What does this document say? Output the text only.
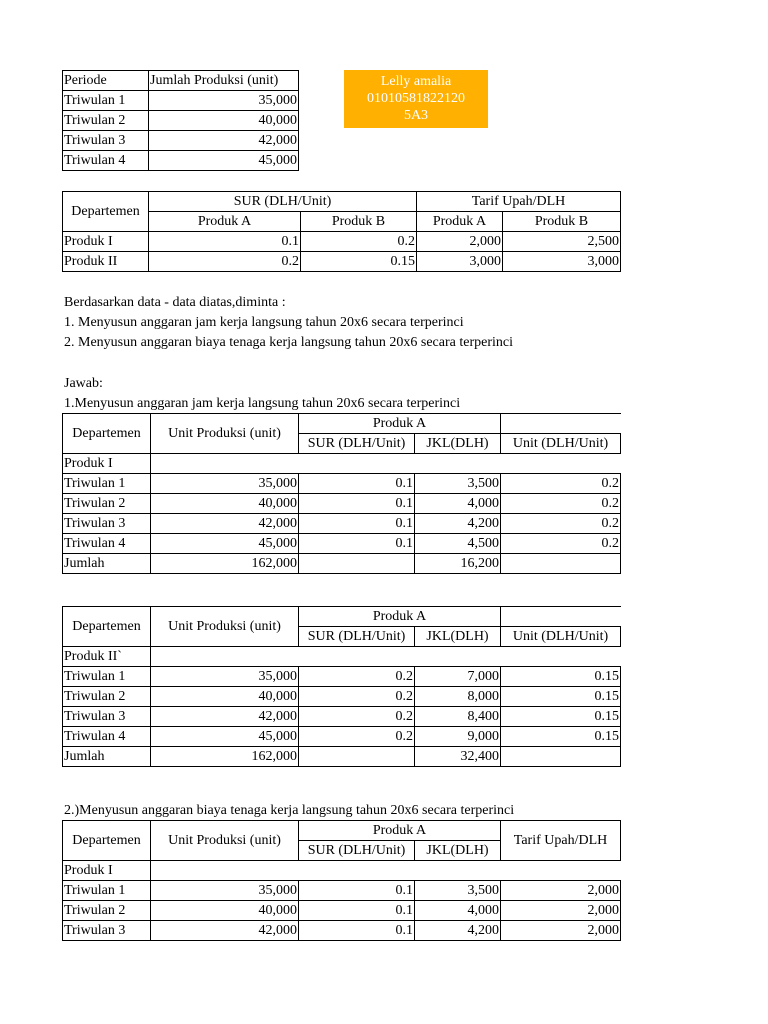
Lelly amalia
01010581822120
5A3
Periode	Jumlah Produksi (unit)
Triwulan 1	35,000
Triwulan 2	40,000
Triwulan 3	42,000
Triwulan 4	45,000
Departemen	SUR (DLH/Unit)		Tarif Upah/DLH	
	Produk A	Produk B	Produk A	Produk B
Produk I	0.1	0.2	2,000	2,500
Produk II	0.2	0.15	3,000	3,000
Berdasarkan data - data diatas,diminta :
1. Menyusun anggaran jam kerja langsung tahun 20x6 secara terperinci
2. Menyusun anggaran biaya tenaga kerja langsung tahun 20x6 secara terperinci
Jawab:
1.Menyusun anggaran jam kerja langsung tahun 20x6 secara terperinci
Departemen	Unit Produksi (unit)	Produk A		
		SUR (DLH/Unit)	JKL(DLH)	Unit (DLH/Unit)
Produk I				
Triwulan 1	35,000	0.1	3,500	0.2
Triwulan 2	40,000	0.1	4,000	0.2
Triwulan 3	42,000	0.1	4,200	0.2
Triwulan 4	45,000	0.1	4,500	0.2
Jumlah	162,000		16,200	
Departemen	Unit Produksi (unit)	Produk A		
		SUR (DLH/Unit)	JKL(DLH)	Unit (DLH/Unit)
Produk II`				
Triwulan 1	35,000	0.2	7,000	0.15
Triwulan 2	40,000	0.2	8,000	0.15
Triwulan 3	42,000	0.2	8,400	0.15
Triwulan 4	45,000	0.2	9,000	0.15
Jumlah	162,000		32,400	
2.)Menyusun anggaran biaya tenaga kerja langsung tahun 20x6 secara terperinci
Departemen	Unit Produksi (unit)	Produk A		Tarif Upah/DLH
		SUR (DLH/Unit)	JKL(DLH)	
Produk I				
Triwulan 1	35,000	0.1	3,500	2,000
Triwulan 2	40,000	0.1	4,000	2,000
Triwulan 3	42,000	0.1	4,200	2,000
